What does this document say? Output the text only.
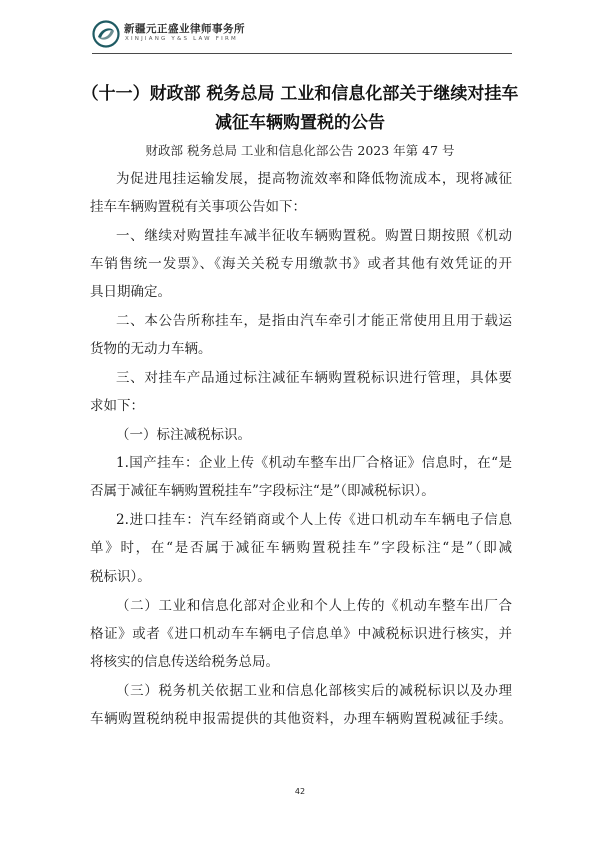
新疆元正盛业律师事务所
XINJIANG Y&S LAW FIRM
（十一）财政部 税务总局 工业和信息化部关于继续对挂车
减征车辆购置税的公告
财政部 税务总局 工业和信息化部公告 2023 年第 47 号
为促进甩挂运输发展，提高物流效率和降低物流成本，现将减征
挂车车辆购置税有关事项公告如下：
一、继续对购置挂车减半征收车辆购置税。购置日期按照《机动
车销售统一发票》、《海关关税专用缴款书》或者其他有效凭证的开
具日期确定。
二、本公告所称挂车，是指由汽车牵引才能正常使用且用于载运
货物的无动力车辆。
三、对挂车产品通过标注减征车辆购置税标识进行管理，具体要
求如下：
（一）标注减税标识。
1.国产挂车：企业上传《机动车整车出厂合格证》信息时，在“是
否属于减征车辆购置税挂车”字段标注“是”（即减税标识）。
2.进口挂车：汽车经销商或个人上传《进口机动车车辆电子信息
单》时，在“是否属于减征车辆购置税挂车”字段标注“是”（即减
税标识）。
（二）工业和信息化部对企业和个人上传的《机动车整车出厂合
格证》或者《进口机动车车辆电子信息单》中减税标识进行核实，并
将核实的信息传送给税务总局。
（三）税务机关依据工业和信息化部核实后的减税标识以及办理
车辆购置税纳税申报需提供的其他资料，办理车辆购置税减征手续。
42
